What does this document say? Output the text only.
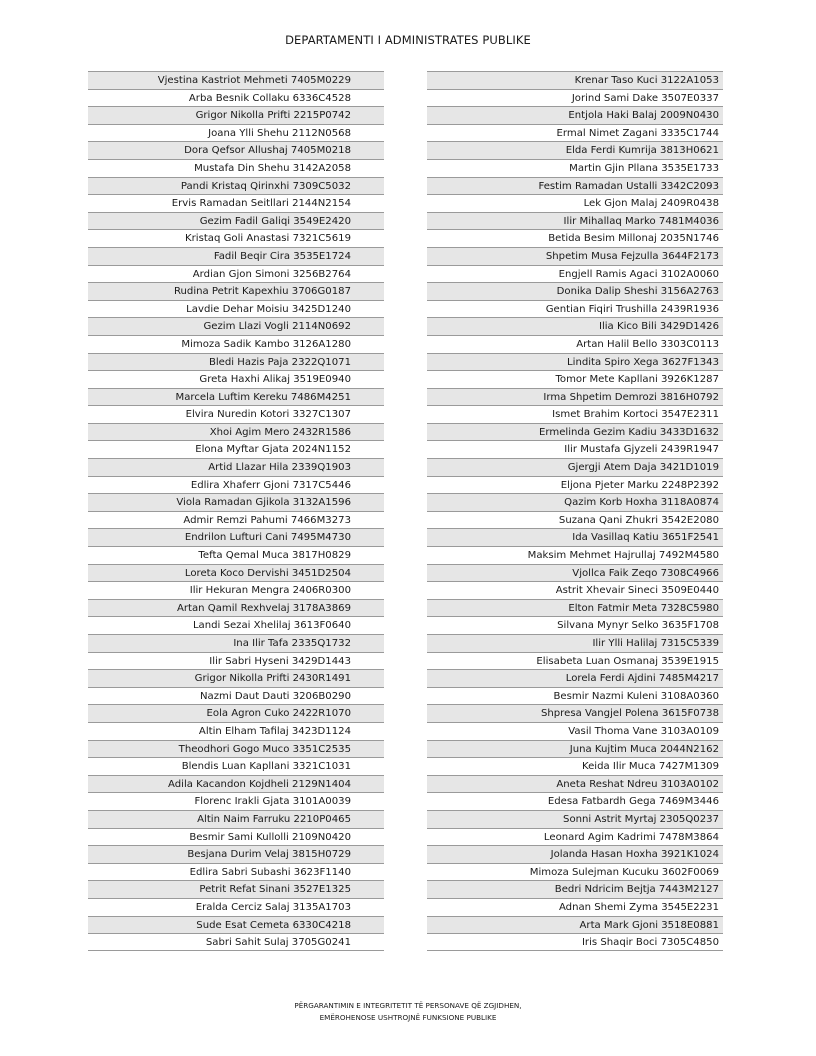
DEPARTAMENTI I ADMINISTRATES PUBLIKE
Vjestina Kastriot Mehmeti 7405M0229
Arba Besnik Collaku 6336C4528
Grigor Nikolla Prifti 2215P0742
Joana Ylli Shehu 2112N0568
Dora Qefsor Allushaj 7405M0218
Mustafa Din Shehu 3142A2058
Pandi Kristaq Qirinxhi 7309C5032
Ervis Ramadan Seitllari 2144N2154
Gezim Fadil Galiqi 3549E2420
Kristaq Goli Anastasi 7321C5619
Fadil Beqir Cira 3535E1724
Ardian Gjon Simoni 3256B2764
Rudina Petrit Kapexhiu 3706G0187
Lavdie Dehar Moisiu 3425D1240
Gezim Llazi Vogli 2114N0692
Mimoza Sadik Kambo 3126A1280
Bledi Hazis Paja 2322Q1071
Greta Haxhi Alikaj 3519E0940
Marcela Luftim Kereku 7486M4251
Elvira Nuredin Kotori 3327C1307
Xhoi Agim Mero 2432R1586
Elona Myftar Gjata 2024N1152
Artid Llazar Hila 2339Q1903
Edlira Xhaferr Gjoni 7317C5446
Viola Ramadan Gjikola 3132A1596
Admir Remzi Pahumi 7466M3273
Endrilon Lufturi Cani 7495M4730
Tefta Qemal Muca 3817H0829
Loreta Koco Dervishi 3451D2504
Ilir Hekuran Mengra 2406R0300
Artan Qamil Rexhvelaj 3178A3869
Landi Sezai Xhelilaj 3613F0640
Ina Ilir Tafa 2335Q1732
Ilir Sabri Hyseni 3429D1443
Grigor Nikolla Prifti 2430R1491
Nazmi Daut Dauti 3206B0290
Eola Agron Cuko 2422R1070
Altin Elham Tafilaj 3423D1124
Theodhori Gogo Muco 3351C2535
Blendis Luan Kapllani 3321C1031
Adila Kacandon Kojdheli 2129N1404
Florenc Irakli Gjata 3101A0039
Altin Naim Farruku 2210P0465
Besmir Sami Kullolli 2109N0420
Besjana Durim Velaj 3815H0729
Edlira Sabri Subashi 3623F1140
Petrit Refat Sinani 3527E1325
Eralda Cerciz Salaj 3135A1703
Sude Esat Cemeta 6330C4218
Sabri Sahit Sulaj 3705G0241
Krenar Taso Kuci 3122A1053
Jorind Sami Dake 3507E0337
Entjola Haki Balaj 2009N0430
Ermal Nimet Zagani 3335C1744
Elda Ferdi Kumrija 3813H0621
Martin Gjin Pllana 3535E1733
Festim Ramadan Ustalli 3342C2093
Lek Gjon Malaj 2409R0438
Ilir Mihallaq Marko 7481M4036
Betida Besim Millonaj 2035N1746
Shpetim Musa Fejzulla 3644F2173
Engjell Ramis Agaci 3102A0060
Donika Dalip Sheshi 3156A2763
Gentian Fiqiri Trushilla 2439R1936
Ilia Kico Bili 3429D1426
Artan Halil Bello 3303C0113
Lindita Spiro Xega 3627F1343
Tomor Mete Kapllani 3926K1287
Irma Shpetim Demrozi 3816H0792
Ismet Brahim Kortoci 3547E2311
Ermelinda Gezim Kadiu 3433D1632
Ilir Mustafa Gjyzeli 2439R1947
Gjergji Atem Daja 3421D1019
Eljona Pjeter Marku 2248P2392
Qazim Korb Hoxha 3118A0874
Suzana Qani Zhukri 3542E2080
Ida Vasillaq Katiu 3651F2541
Maksim Mehmet Hajrullaj 7492M4580
Vjollca Faik Zeqo 7308C4966
Astrit Xhevair Sineci 3509E0440
Elton Fatmir Meta 7328C5980
Silvana Mynyr Selko 3635F1708
Ilir Ylli Halilaj 7315C5339
Elisabeta Luan Osmanaj 3539E1915
Lorela Ferdi Ajdini 7485M4217
Besmir Nazmi Kuleni 3108A0360
Shpresa Vangjel Polena 3615F0738
Vasil Thoma Vane 3103A0109
Juna Kujtim Muca 2044N2162
Keida Ilir Muca 7427M1309
Aneta Reshat Ndreu 3103A0102
Edesa Fatbardh Gega 7469M3446
Sonni Astrit Myrtaj 2305Q0237
Leonard Agim Kadrimi 7478M3864
Jolanda Hasan Hoxha 3921K1024
Mimoza Sulejman Kucuku 3602F0069
Bedri Ndricim Bejtja 7443M2127
Adnan Shemi Zyma 3545E2231
Arta Mark Gjoni 3518E0881
Iris Shaqir Boci 7305C4850
PËRGARANTIMIN E INTEGRITETIT TË PERSONAVE QË ZGJIDHEN,
EMËROHENOSE USHTROJNË FUNKSIONE PUBLIKE
